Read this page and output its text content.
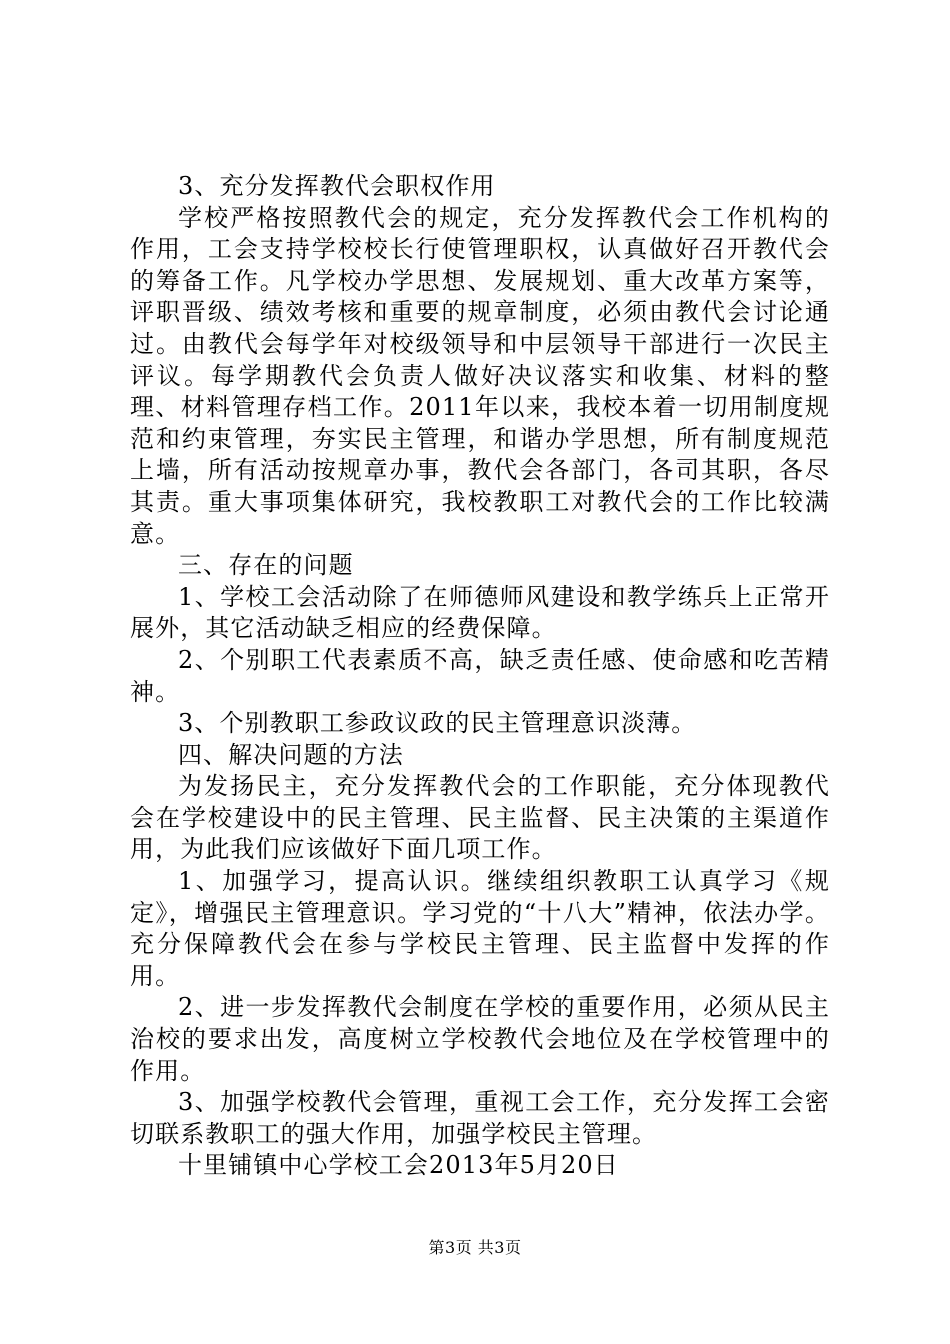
3、充分发挥教代会职权作用

学校严格按照教代会的规定，充分发挥教代会工作机构的作用，工会支持学校校长行使管理职权，认真做好召开教代会的筹备工作。凡学校办学思想、发展规划、重大改革方案等，评职晋级、绩效考核和重要的规章制度，必须由教代会讨论通过。由教代会每学年对校级领导和中层领导干部进行一次民主评议。每学期教代会负责人做好决议落实和收集、材料的整理、材料管理存档工作。2011年以来，我校本着一切用制度规范和约束管理，夯实民主管理，和谐办学思想，所有制度规范上墙，所有活动按规章办事，教代会各部门，各司其职，各尽其责。重大事项集体研究，我校教职工对教代会的工作比较满意。

三、存在的问题

1、学校工会活动除了在师德师风建设和教学练兵上正常开展外，其它活动缺乏相应的经费保障。

2、个别职工代表素质不高，缺乏责任感、使命感和吃苦精神。

3、个别教职工参政议政的民主管理意识淡薄。

四、解决问题的方法

为发扬民主，充分发挥教代会的工作职能，充分体现教代会在学校建设中的民主管理、民主监督、民主决策的主渠道作用，为此我们应该做好下面几项工作。

1、加强学习，提高认识。继续组织教职工认真学习《规定》，增强民主管理意识。学习党的“十八大”精神，依法办学。充分保障教代会在参与学校民主管理、民主监督中发挥的作用。

2、进一步发挥教代会制度在学校的重要作用，必须从民主治校的要求出发，高度树立学校教代会地位及在学校管理中的作用。

3、加强学校教代会管理，重视工会工作，充分发挥工会密切联系教职工的强大作用，加强学校民主管理。

十里铺镇中心学校工会2013年5月20日

第3页 共3页
